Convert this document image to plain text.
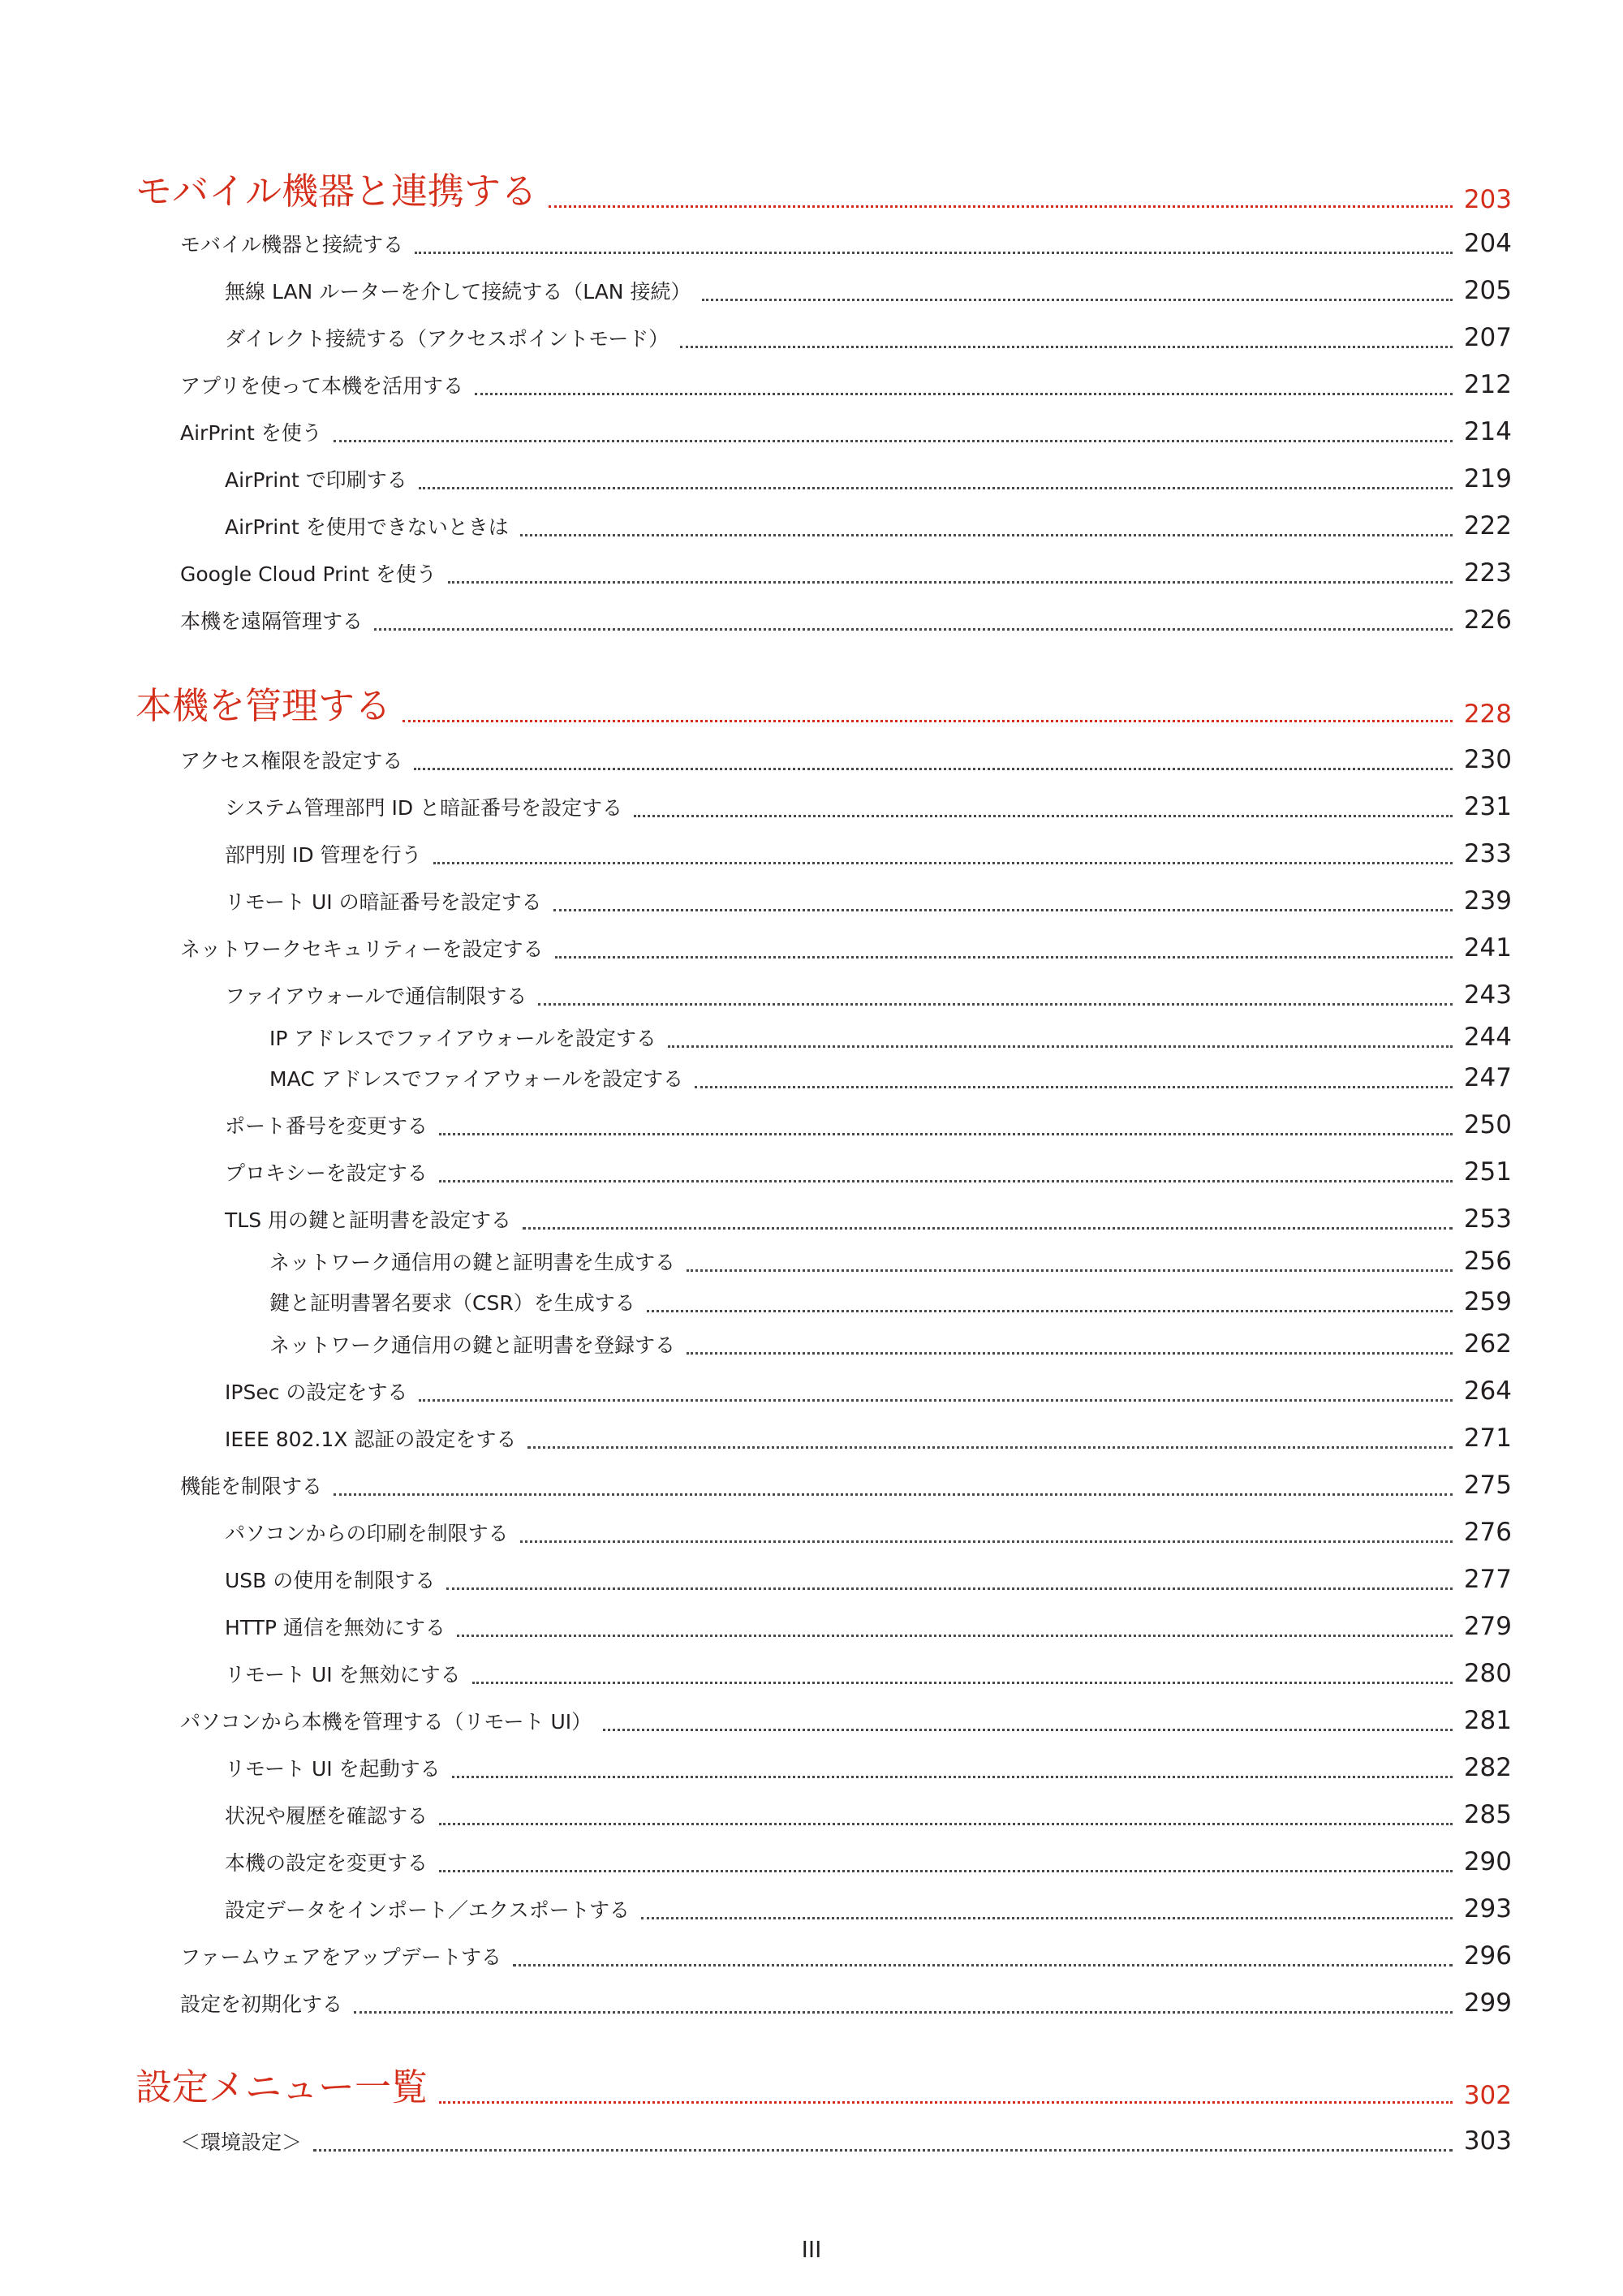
モバイル機器と連携する	203
モバイル機器と接続する	204
無線 LAN ルーターを介して接続する（LAN 接続）	205
ダイレクト接続する（アクセスポイントモード）	207
アプリを使って本機を活用する	212
AirPrint を使う	214
AirPrint で印刷する	219
AirPrint を使用できないときは	222
Google Cloud Print を使う	223
本機を遠隔管理する	226
本機を管理する	228
アクセス権限を設定する	230
システム管理部門 ID と暗証番号を設定する	231
部門別 ID 管理を行う	233
リモート UI の暗証番号を設定する	239
ネットワークセキュリティーを設定する	241
ファイアウォールで通信制限する	243
IP アドレスでファイアウォールを設定する	244
MAC アドレスでファイアウォールを設定する	247
ポート番号を変更する	250
プロキシーを設定する	251
TLS 用の鍵と証明書を設定する	253
ネットワーク通信用の鍵と証明書を生成する	256
鍵と証明書署名要求（CSR）を生成する	259
ネットワーク通信用の鍵と証明書を登録する	262
IPSec の設定をする	264
IEEE 802.1X 認証の設定をする	271
機能を制限する	275
パソコンからの印刷を制限する	276
USB の使用を制限する	277
HTTP 通信を無効にする	279
リモート UI を無効にする	280
パソコンから本機を管理する（リモート UI）	281
リモート UI を起動する	282
状況や履歴を確認する	285
本機の設定を変更する	290
設定データをインポート／エクスポートする	293
ファームウェアをアップデートする	296
設定を初期化する	299
設定メニュー一覧	302
＜環境設定＞	303
III
